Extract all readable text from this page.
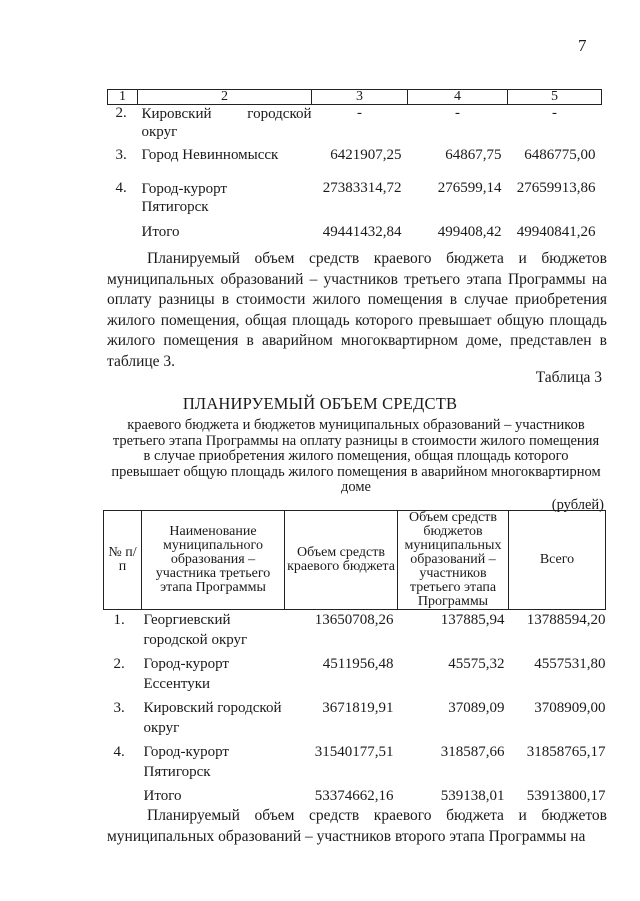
7
1	2	3	4	5
2.	Кировский городской округ	-	-	-
3.	Город Невинномысск	6421907,25	64867,75	6486775,00
4.	Город-курорт Пятигорск	27383314,72	276599,14	27659913,86
	Итого	49441432,84	499408,42	49940841,26
Планируемый объем средств краевого бюджета и бюджетов муниципальных образований – участников третьего этапа Программы на оплату разницы в стоимости жилого помещения в случае приобретения жилого помещения, общая площадь которого превышает общую площадь жилого помещения в аварийном многоквартирном доме, представлен в таблице 3.
Таблица 3
ПЛАНИРУЕМЫЙ ОБЪЕМ СРЕДСТВ
краевого бюджета и бюджетов муниципальных образований – участников третьего этапа Программы на оплату разницы в стоимости жилого помещения в случае приобретения жилого помещения, общая площадь которого превышает общую площадь жилого помещения в аварийном многоквартирном доме
(рублей)
№ п/п	Наименование муниципального образования – участника третьего этапа Программы	Объем средств краевого бюджета	Объем средств бюджетов муниципальных образований – участников третьего этапа Программы	Всего
1.	Георгиевский городской округ	13650708,26	137885,94	13788594,20
2.	Город-курорт Ессентуки	4511956,48	45575,32	4557531,80
3.	Кировский городской округ	3671819,91	37089,09	3708909,00
4.	Город-курорт Пятигорск	31540177,51	318587,66	31858765,17
	Итого	53374662,16	539138,01	53913800,17
Планируемый объем средств краевого бюджета и бюджетов муниципальных образований – участников второго этапа Программы на
